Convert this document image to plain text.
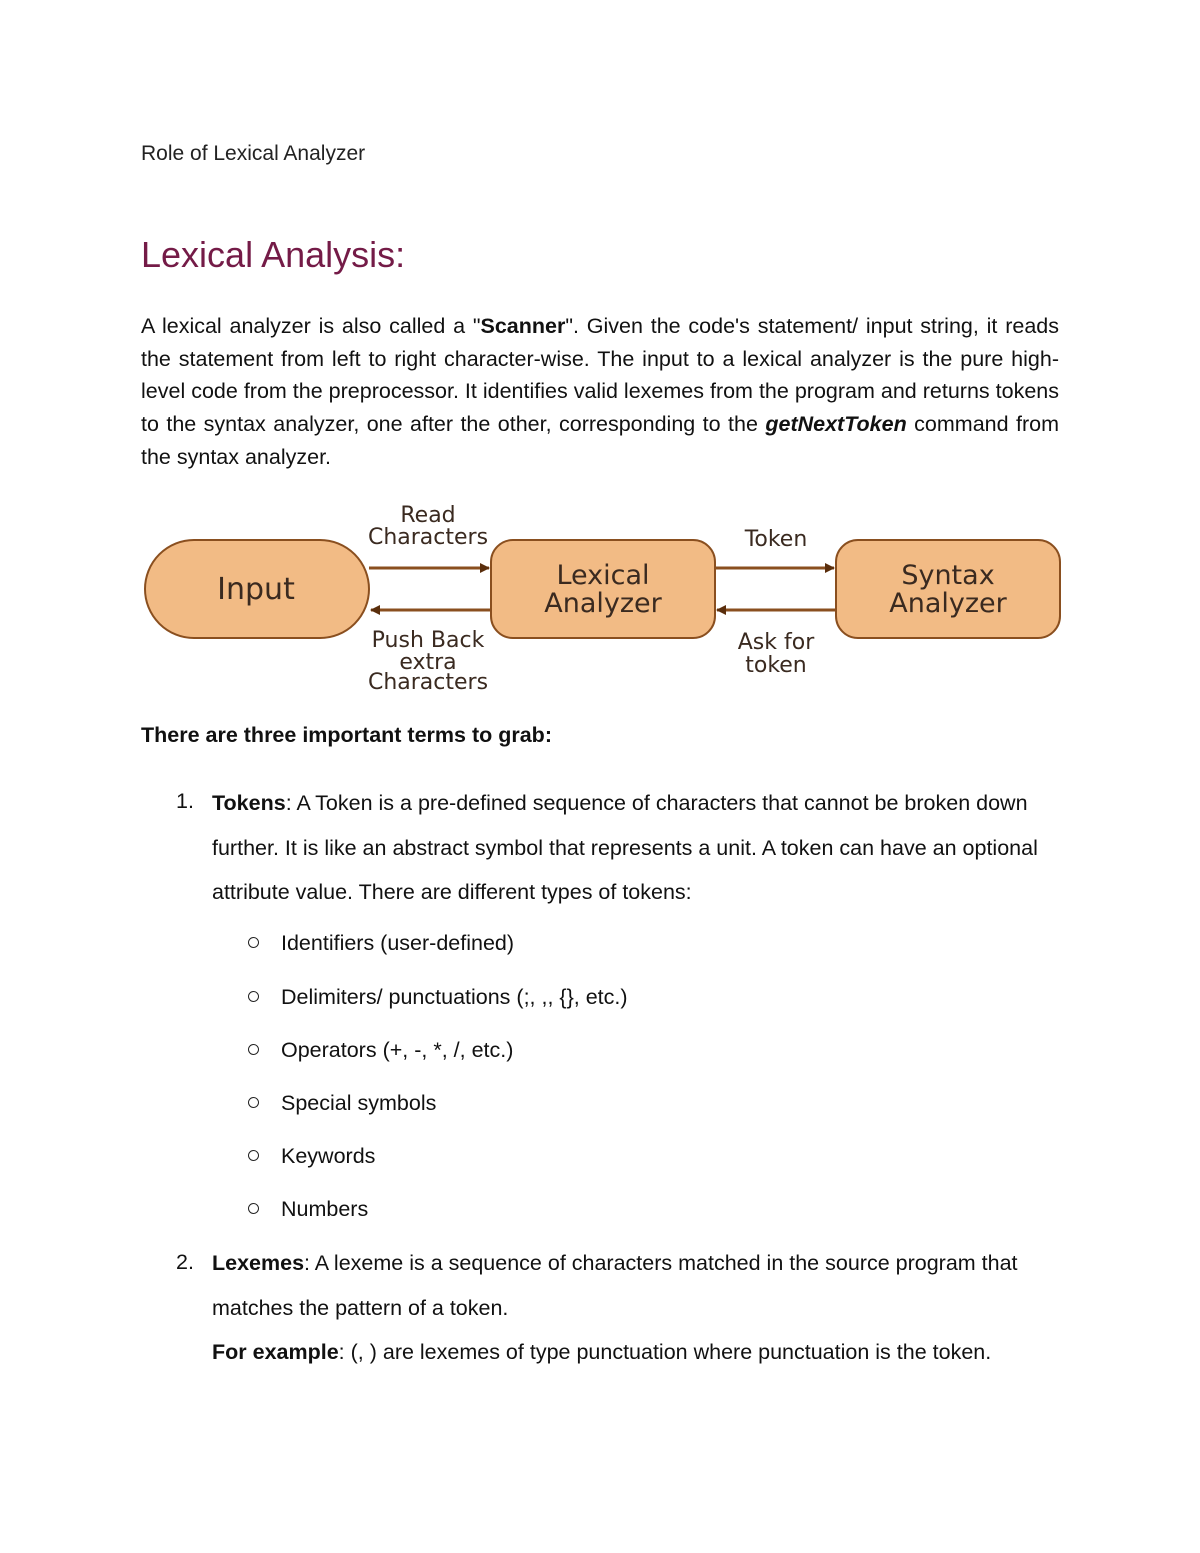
Role of Lexical Analyzer
Lexical Analysis:
A lexical analyzer is also called a "Scanner". Given the code's statement/ input string, it reads the statement from left to right character-wise. The input to a lexical analyzer is the pure high-level code from the preprocessor. It identifies valid lexemes from the program and returns tokens to the syntax analyzer, one after the other, corresponding to the getNextToken command from the syntax analyzer.
Input	Lexical
Analyzer
Syntax
Analyzer
Read
Characters
Push Back
extra
Characters
Token
Ask for
token
There are three important terms to grab:
1. Tokens: A Token is a pre-defined sequence of characters that cannot be broken down further. It is like an abstract symbol that represents a unit. A token can have an optional attribute value. There are different types of tokens:
Identifiers (user-defined)
Delimiters/ punctuations (;, ,, {}, etc.)
Operators (+, -, *, /, etc.)
Special symbols
Keywords
Numbers
2. Lexemes: A lexeme is a sequence of characters matched in the source program that matches the pattern of a token.
For example: (, ) are lexemes of type punctuation where punctuation is the token.
